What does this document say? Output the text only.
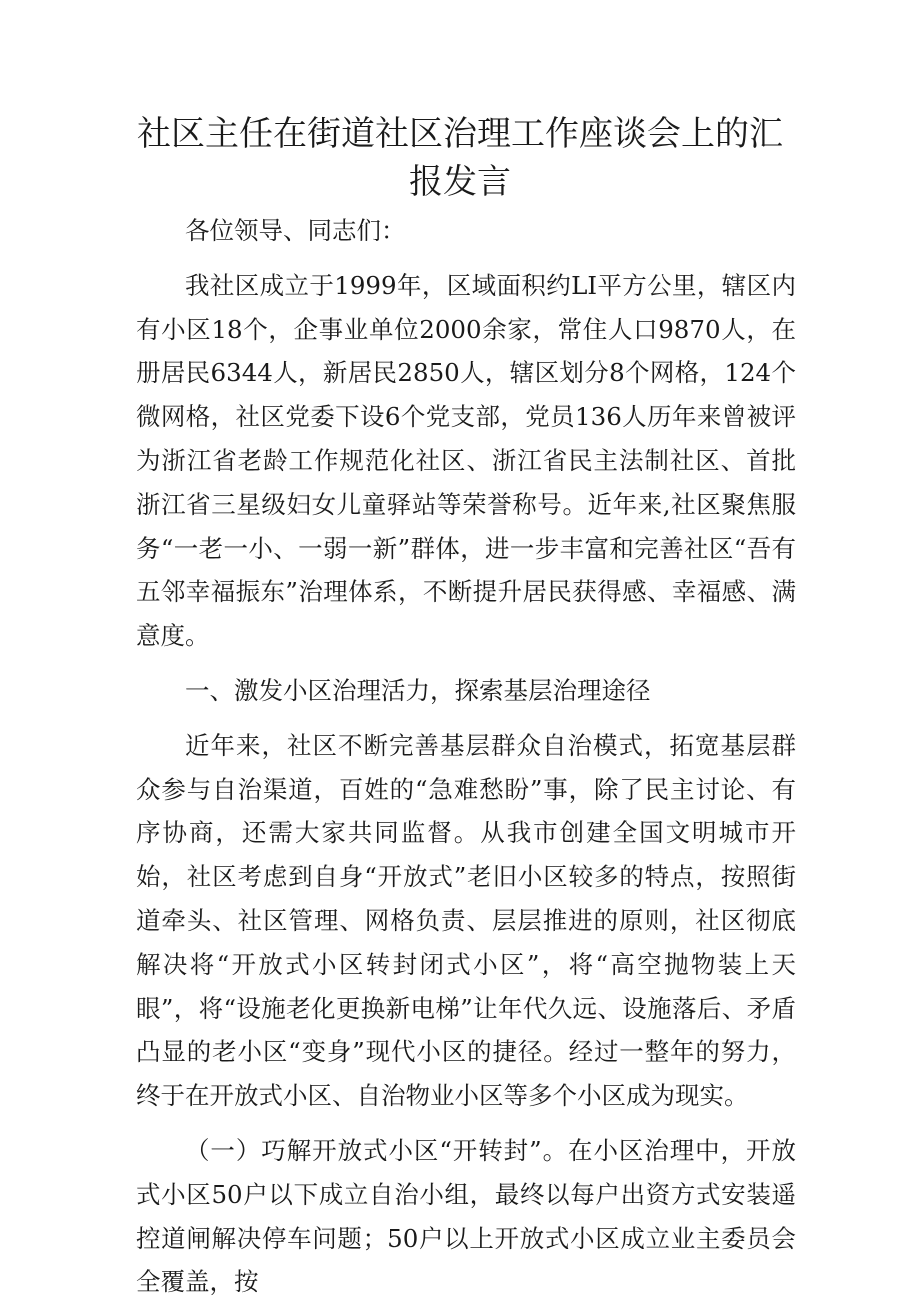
社区主任在街道社区治理工作座谈会上的汇报发言

各位领导、同志们：

我社区成立于1999年，区域面积约LI平方公里，辖区内有小区18个，企事业单位2000余家，常住人口9870人，在册居民6344人，新居民2850人，辖区划分8个网格，124个微网格，社区党委下设6个党支部，党员136人历年来曾被评为浙江省老龄工作规范化社区、浙江省民主法制社区、首批浙江省三星级妇女儿童驿站等荣誉称号。近年来,社区聚焦服务“一老一小、一弱一新”群体，进一步丰富和完善社区“吾有五邻幸福振东”治理体系，不断提升居民获得感、幸福感、满意度。

一、激发小区治理活力，探索基层治理途径

近年来，社区不断完善基层群众自治模式，拓宽基层群众参与自治渠道，百姓的“急难愁盼”事，除了民主讨论、有序协商，还需大家共同监督。从我市创建全国文明城市开始，社区考虑到自身“开放式”老旧小区较多的特点，按照街道牵头、社区管理、网格负责、层层推进的原则，社区彻底解决将“开放式小区转封闭式小区”，将“高空抛物装上天眼”，将“设施老化更换新电梯”让年代久远、设施落后、矛盾凸显的老小区“变身”现代小区的捷径。经过一整年的努力，终于在开放式小区、自治物业小区等多个小区成为现实。

（一）巧解开放式小区“开转封”。在小区治理中，开放式小区50户以下成立自治小组，最终以每户出资方式安装遥控道闸解决停车问题；50户以上开放式小区成立业主委员会全覆盖，按
